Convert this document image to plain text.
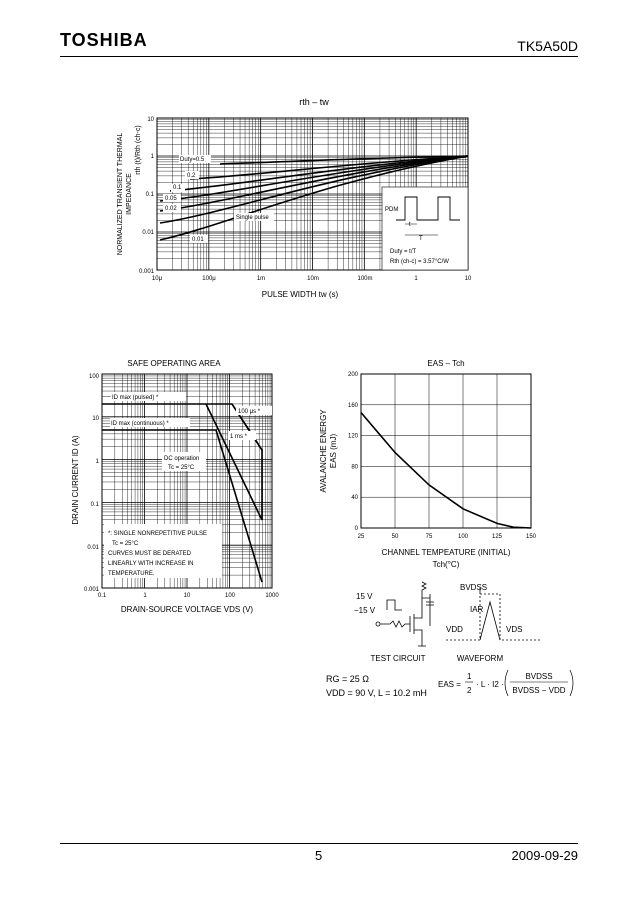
TOSHIBA	TK5A50D
rth – tw
10
1
0.1
0.01
0.001
10μ	100μ	1m	10m	100m	1	10
Duty=0.5
0.2
0.1
0.05
0.02
0.01
Single pulse
PDM
t
T
Duty = t/T
Rth (ch-c) = 3.57°C/W
PULSE WIDTH tw (s)
NORMALIZED TRANSIENT THERMAL IMPEDANCE
rth (t)/Rth (ch-c)
SAFE OPERATING AREA
100
10
1
0.1
0.01
0.001
0.1	1	10	100	1000
ID max (pulsed) *
ID max (continuous) *
100 μs *
1 ms *
DC operation
Tc = 25°C
*: SINGLE NONREPETITIVE PULSE
Tc = 25°C
CURVES MUST BE DERATED
LINEARLY WITH INCREASE IN
TEMPERATURE.
DRAIN-SOURCE VOLTAGE VDS (V)
DRAIN CURRENT ID (A)
EAS – Tch
25	50	75	100	125	150
200
160
120
80
40
0
CHANNEL TEMPEATURE (INITIAL)
Tch(°C)
AVALANCHE ENERGY EAS (mJ)
15 V
−15 V
BVDSS
IAR
VDD	VDS
TEST CIRCUIT	WAVEFORM
RG = 25 Ω
VDD = 90 V, L = 10.2 mH
EAS =
1
2
· L · I2 ·
BVDSS
BVDSS − VDD
5	2009-09-29
